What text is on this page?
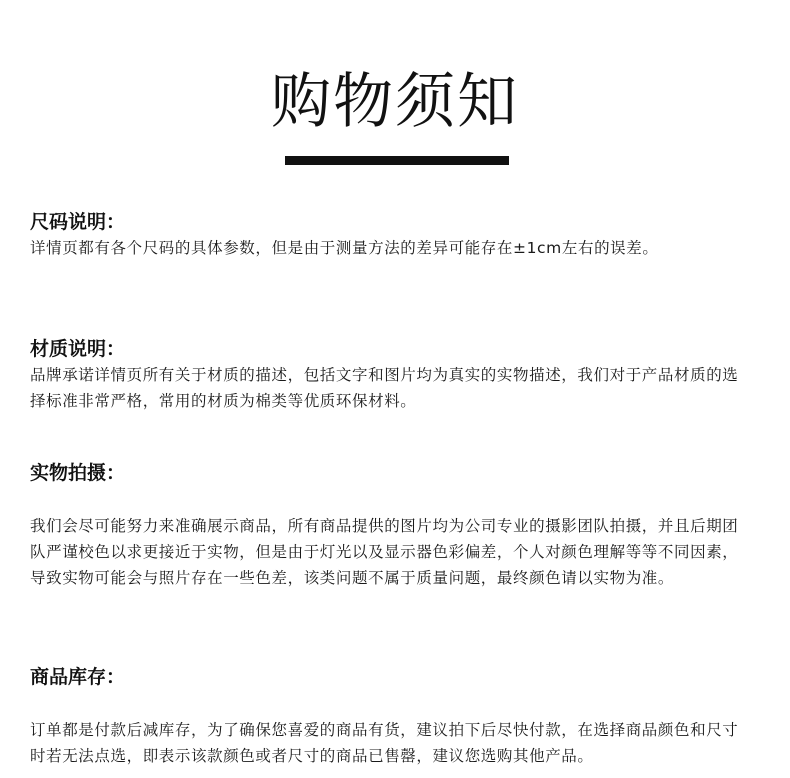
购物须知
尺码说明：

详情页都有各个尺码的具体参数，但是由于测量方法的差异可能存在±1cm左右的误差。

材质说明：

品牌承诺详情页所有关于材质的描述，包括文字和图片均为真实的实物描述，我们对于产品材质的选择标准非常严格，常用的材质为棉类等优质环保材料。

实物拍摄：

我们会尽可能努力来准确展示商品，所有商品提供的图片均为公司专业的摄影团队拍摄，并且后期团队严谨校色以求更接近于实物，但是由于灯光以及显示器色彩偏差，个人对颜色理解等等不同因素，导致实物可能会与照片存在一些色差，该类问题不属于质量问题，最终颜色请以实物为准。

商品库存：

订单都是付款后减库存，为了确保您喜爱的商品有货，建议拍下后尽快付款，在选择商品颜色和尺寸时若无法点选，即表示该款颜色或者尺寸的商品已售罄，建议您选购其他产品。
